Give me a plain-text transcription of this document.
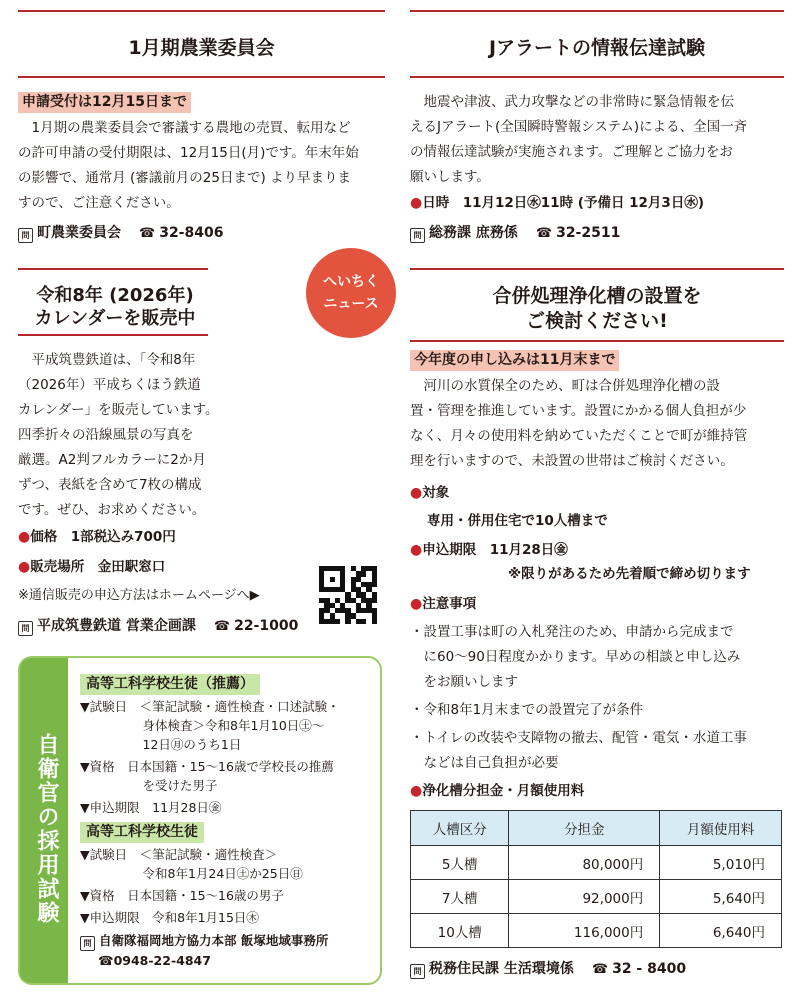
1月期農業委員会
申請受付は12月15日まで
1月期の農業委員会で審議する農地の売買、転用など
の許可申請の受付期限は、12月15日(月)です。年末年始
の影響で、通常月 (審議前月の25日まで) より早まりま
すので、ご注意ください。
問 町農業委員会 ☎ 32-8406
令和8年 (2026年)
カレンダーを販売中
へいちく
ニュース
平成筑豊鉄道は、「令和8年
（2026年）平成ちくほう鉄道
カレンダー」を販売しています。
四季折々の沿線風景の写真を
厳選。A2判フルカラーに2か月
ずつ、表紙を含めて7枚の構成
です。ぜひ、お求めください。
●価格　 1部税込み700円
●販売場所　 金田駅窓口
※通信販売の申込方法はホームページへ▶
問 平成筑豊鉄道 営業企画課 ☎ 22-1000
自衛官の採用試験
高等工科学校生徒（推薦）
▼試験日　＜筆記試験・適性検査・口述試験・
　　　　　身体検査＞令和8年1月10日㊏～
　　　　　12日㊊のうち1日
▼資格　日本国籍・15～16歳で学校長の推薦
　　　　　を受けた男子
▼申込期限　11月28日㊎
高等工科学校生徒
▼試験日　＜筆記試験・適性検査＞
　　　　　令和8年1月24日㊏か25日㊐
▼資格　日本国籍・15～16歳の男子
▼申込期限　令和8年1月15日㊍
問 自衛隊福岡地方協力本部 飯塚地域事務所
☎0948-22-4847
Jアラートの情報伝達試験
地震や津波、武力攻撃などの非常時に緊急情報を伝
えるJアラート(全国瞬時警報システム)による、全国一斉
の情報伝達試験が実施されます。ご理解とご協力をお
願いします。
●日時　 11月12日㊌11時 (予備日 12月3日㊌)
問 総務課 庶務係 ☎ 32-2511
合併処理浄化槽の設置を
ご検討ください!
今年度の申し込みは11月末まで
河川の水質保全のため、町は合併処理浄化槽の設
置・管理を推進しています。設置にかかる個人負担が少
なく、月々の使用料を納めていただくことで町が維持管
理を行いますので、未設置の世帯はご検討ください。
●対象
専用・併用住宅で10人槽まで
●申込期限　 11月28日㊎
※限りがあるため先着順で締め切ります
●注意事項
・設置工事は町の入札発注のため、申請から完成まで
　に60～90日程度かかります。早めの相談と申し込み
　をお願いします
・令和8年1月末までの設置完了が条件
・トイレの改装や支障物の撤去、配管・電気・水道工事
　などは自己負担が必要
●浄化槽分担金・月額使用料
人槽区分	分担金	月額使用料
5人槽	80,000円	5,010円
7人槽	92,000円	5,640円
10人槽	116,000円	6,640円
問 税務住民課 生活環境係 ☎ 32 - 8400
